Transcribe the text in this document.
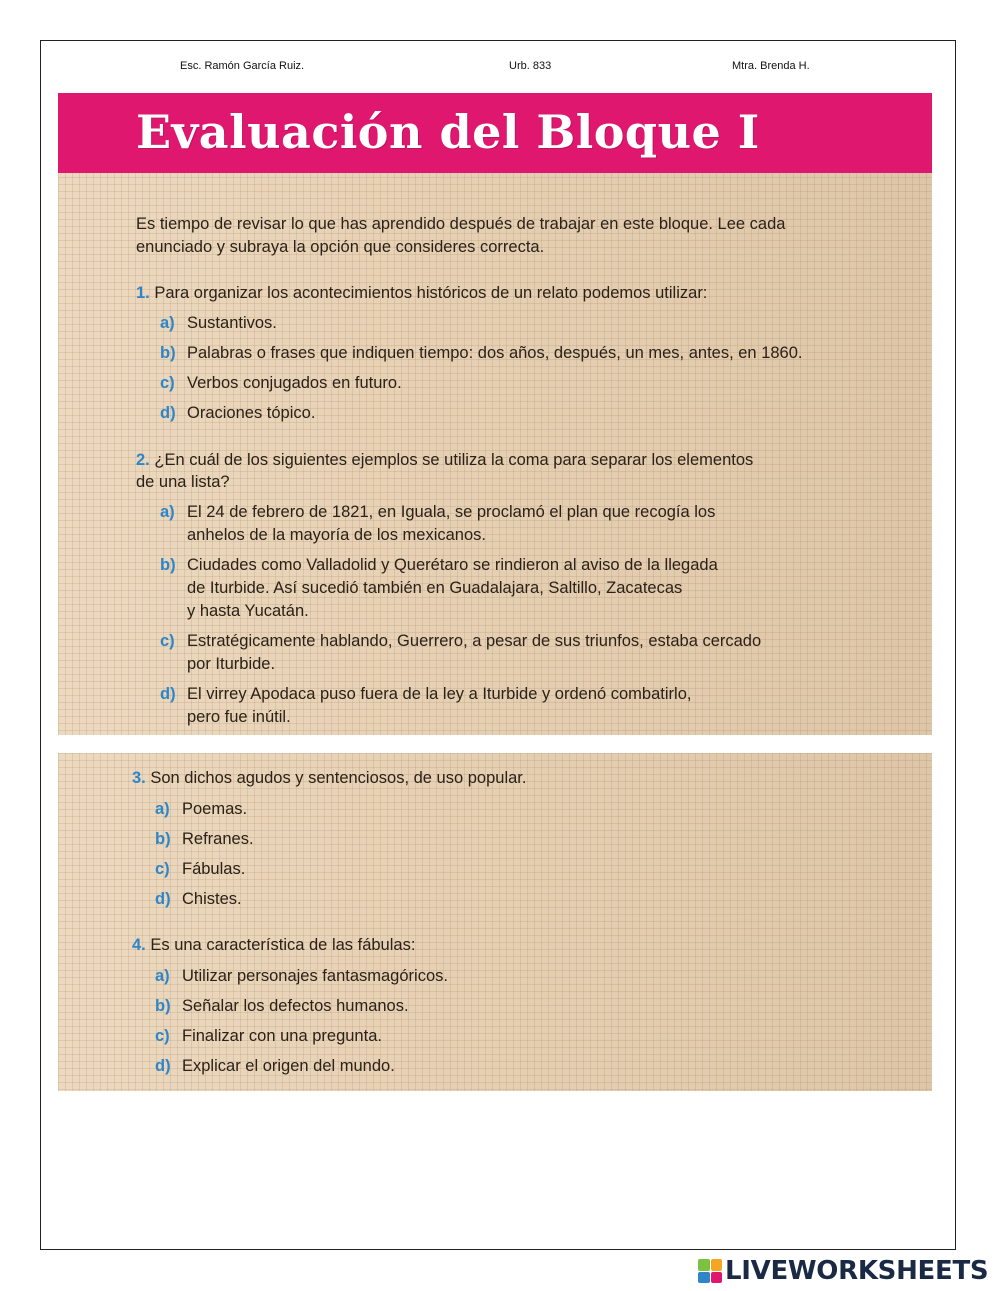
Esc. Ramón García Ruiz.	Urb. 833	Mtra. Brenda H.
Evaluación del Bloque I

Es tiempo de revisar lo que has aprendido después de trabajar en este bloque. Lee cada

enunciado y subraya la opción que consideres correcta.

1. Para organizar los acontecimientos históricos de un relato podemos utilizar:

a) Sustantivos.
b) Palabras o frases que indiquen tiempo: dos años, después, un mes, antes, en 1860.
c) Verbos conjugados en futuro.
d) Oraciones tópico.

2. ¿En cuál de los siguientes ejemplos se utiliza la coma para separar los elementos

de una lista?

a) El 24 de febrero de 1821, en Iguala, se proclamó el plan que recogía los
anhelos de la mayoría de los mexicanos.
b) Ciudades como Valladolid y Querétaro se rindieron al aviso de la llegada
de Iturbide. Así sucedió también en Guadalajara, Saltillo, Zacatecas
y hasta Yucatán.
c) Estratégicamente hablando, Guerrero, a pesar de sus triunfos, estaba cercado
por Iturbide.
d) El virrey Apodaca puso fuera de la ley a Iturbide y ordenó combatirlo,
pero fue inútil.

3. Son dichos agudos y sentenciosos, de uso popular.

a) Poemas.
b) Refranes.
c) Fábulas.
d) Chistes.

4. Es una característica de las fábulas:

a) Utilizar personajes fantasmagóricos.
b) Señalar los defectos humanos.
c) Finalizar con una pregunta.
d) Explicar el origen del mundo.
LIVEWORKSHEETS
